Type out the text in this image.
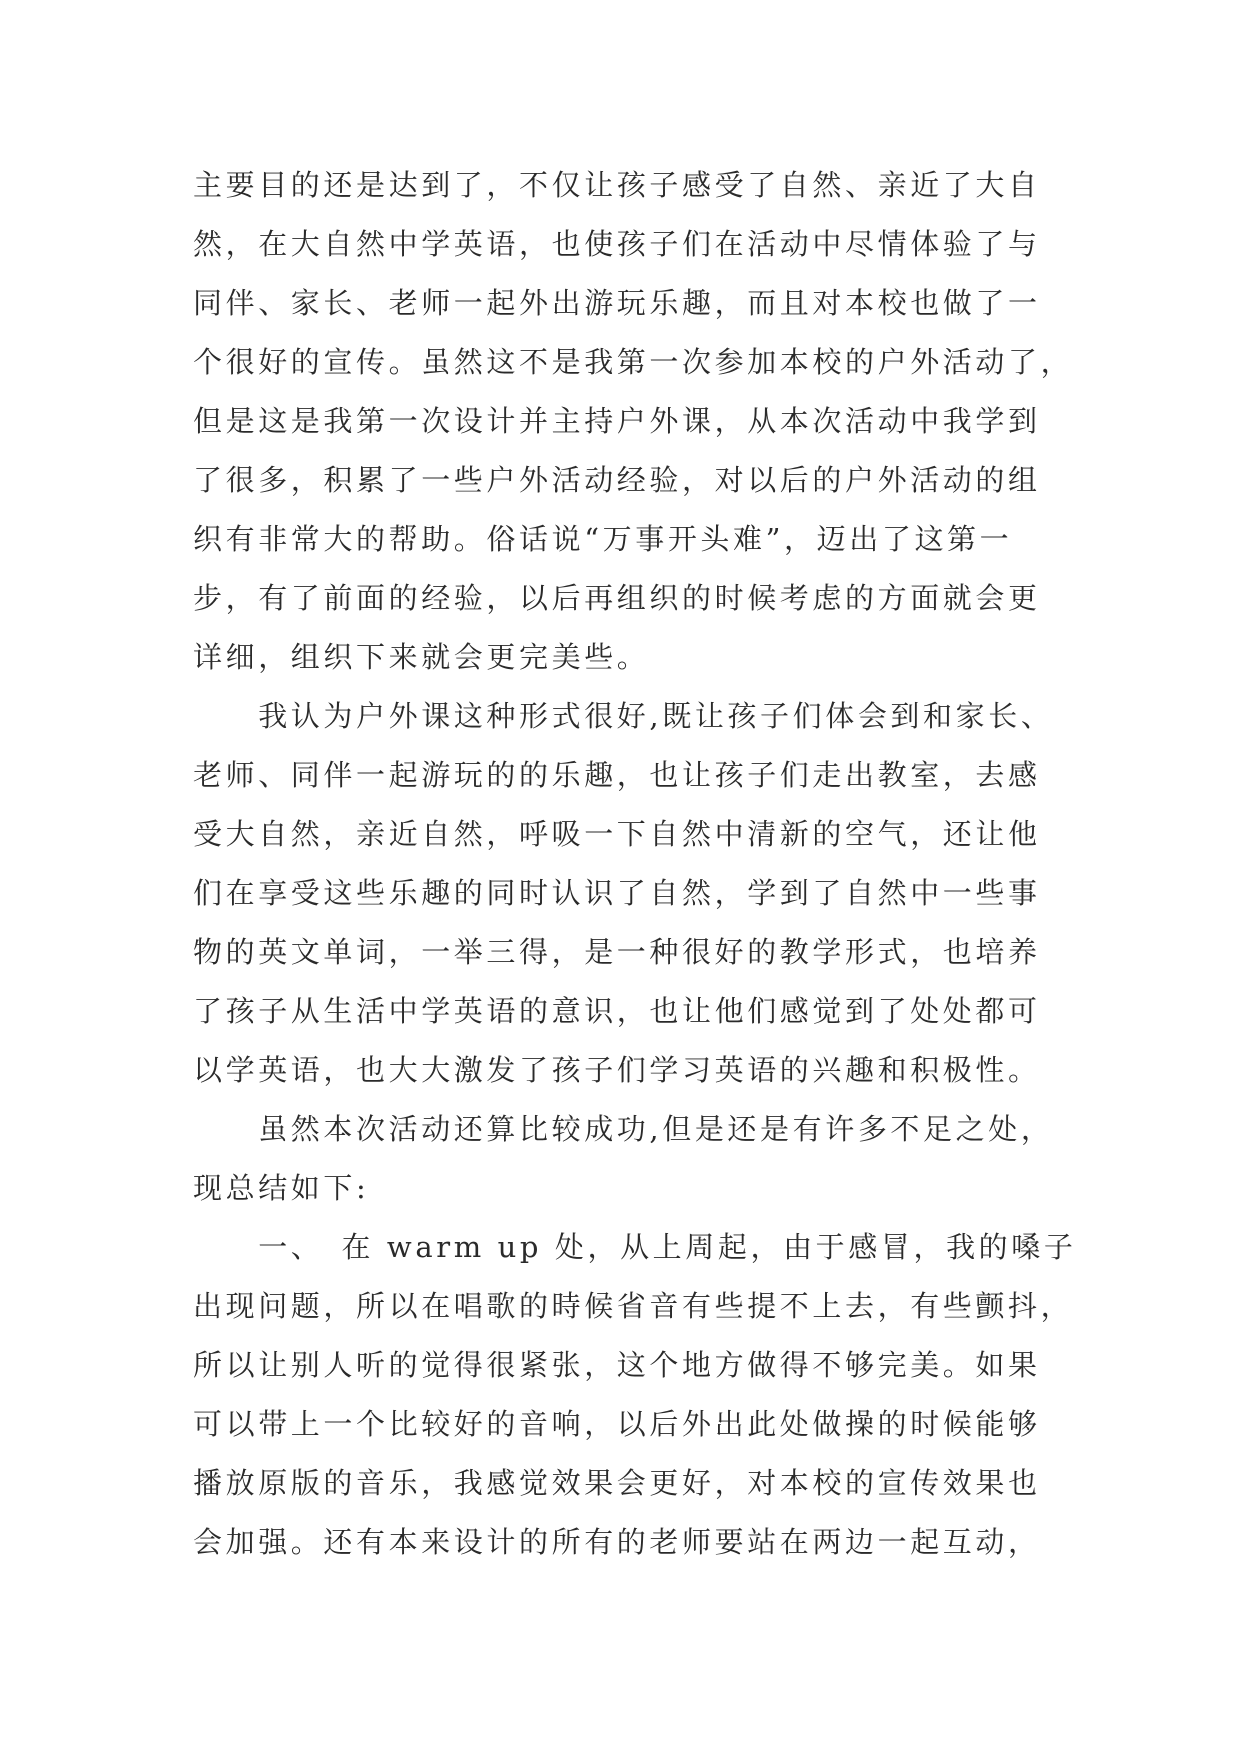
主要目的还是达到了，不仅让孩子感受了自然、亲近了大自
然，在大自然中学英语，也使孩子们在活动中尽情体验了与
同伴、家长、老师一起外出游玩乐趣，而且对本校也做了一
个很好的宣传。虽然这不是我第一次参加本校的户外活动了，
但是这是我第一次设计并主持户外课，从本次活动中我学到
了很多，积累了一些户外活动经验，对以后的户外活动的组
织有非常大的帮助。俗话说“万事开头难”，迈出了这第一
步，有了前面的经验，以后再组织的时候考虑的方面就会更
详细，组织下来就会更完美些。
　　我认为户外课这种形式很好,既让孩子们体会到和家长、
老师、同伴一起游玩的的乐趣，也让孩子们走出教室，去感
受大自然，亲近自然，呼吸一下自然中清新的空气，还让他
们在享受这些乐趣的同时认识了自然，学到了自然中一些事
物的英文单词，一举三得，是一种很好的教学形式，也培养
了孩子从生活中学英语的意识，也让他们感觉到了处处都可
以学英语，也大大激发了孩子们学习英语的兴趣和积极性。
　　虽然本次活动还算比较成功,但是还是有许多不足之处，
现总结如下:
　　一、　在 warm up 处，从上周起，由于感冒，我的嗓子
出现问题，所以在唱歌的時候省音有些提不上去，有些颤抖，
所以让别人听的觉得很紧张，这个地方做得不够完美。如果
可以带上一个比较好的音响，以后外出此处做操的时候能够
播放原版的音乐，我感觉效果会更好，对本校的宣传效果也
会加强。还有本来设计的所有的老师要站在两边一起互动，
